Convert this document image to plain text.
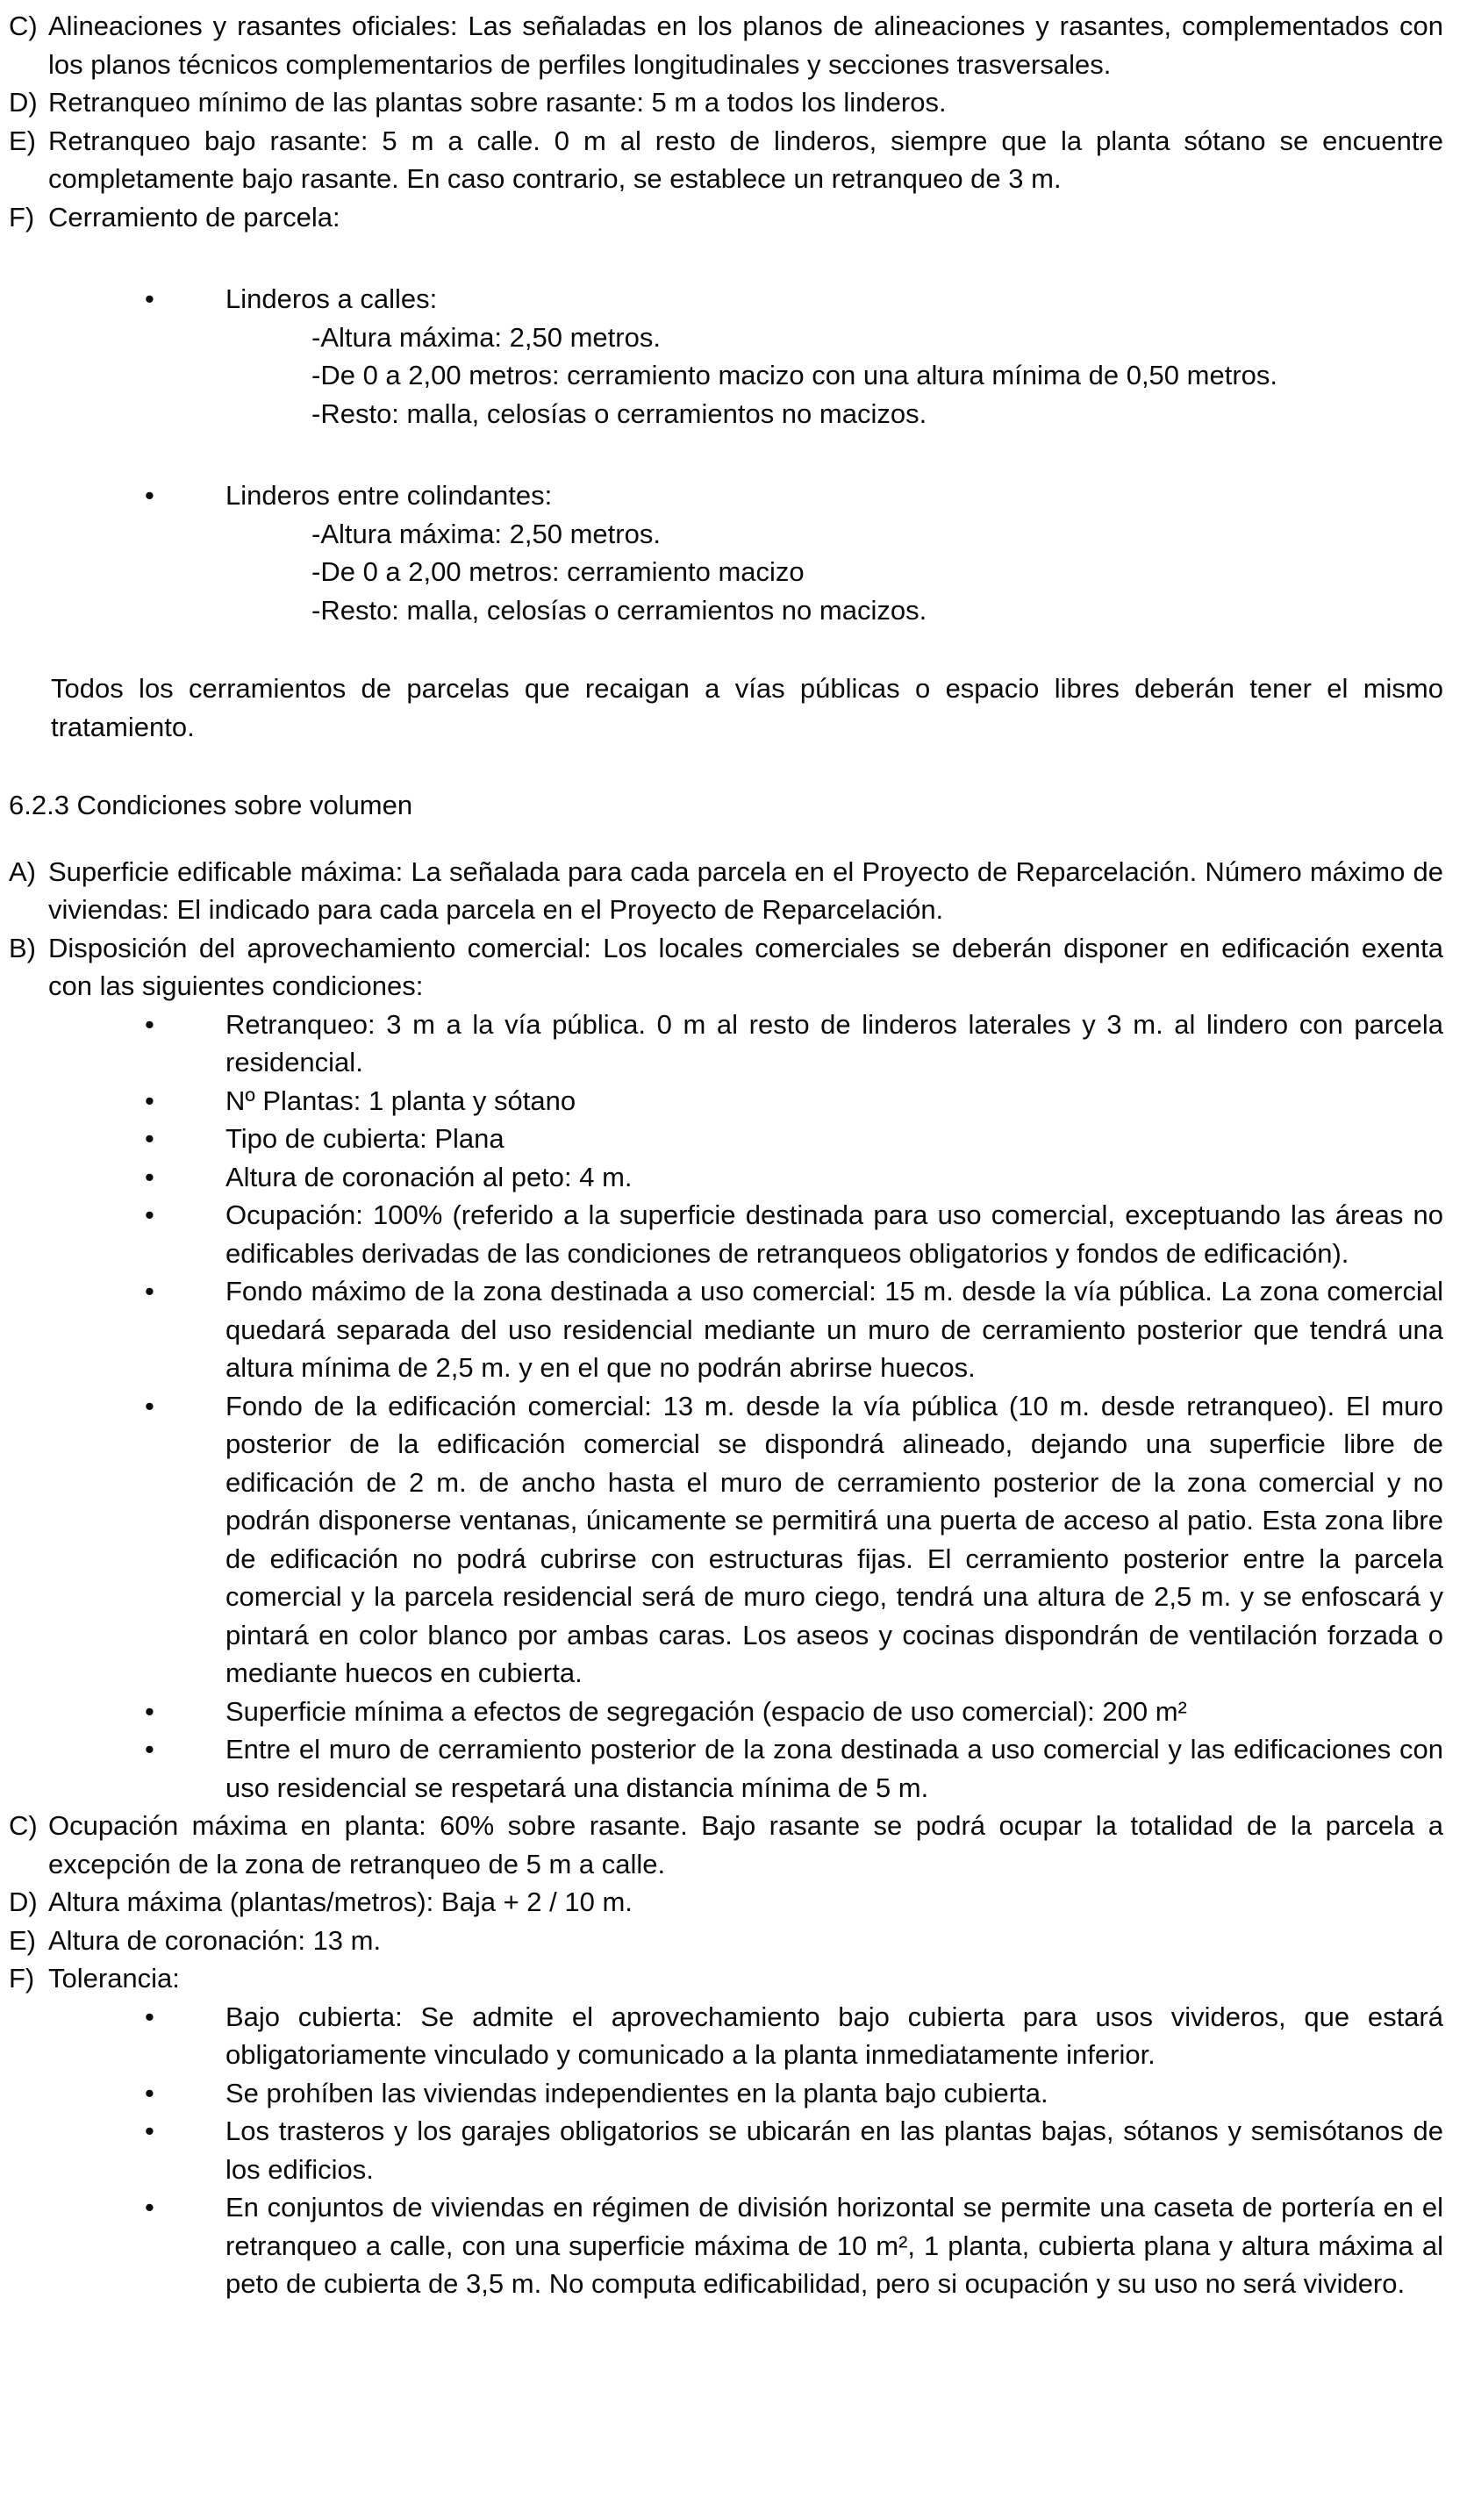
C) Alineaciones y rasantes oficiales: Las señaladas en los planos de alineaciones y rasantes, complementados con los planos técnicos complementarios de perfiles longitudinales y secciones trasversales.
D) Retranqueo mínimo de las plantas sobre rasante: 5 m a todos los linderos.
E) Retranqueo bajo rasante: 5 m a calle. 0 m al resto de linderos, siempre que la planta sótano se encuentre completamente bajo rasante. En caso contrario, se establece un retranqueo de 3 m.
F) Cerramiento de parcela:
•	Linderos a calles:
-Altura máxima: 2,50 metros.
-De 0 a 2,00 metros: cerramiento macizo con una altura mínima de 0,50 metros.
-Resto: malla, celosías o cerramientos no macizos.
•	Linderos entre colindantes:
-Altura máxima: 2,50 metros.
-De 0 a 2,00 metros: cerramiento macizo
-Resto: malla, celosías o cerramientos no macizos.
Todos los cerramientos de parcelas que recaigan a vías públicas o espacio libres deberán tener el mismo tratamiento.
6.2.3 Condiciones sobre volumen
A) Superficie edificable máxima: La señalada para cada parcela en el Proyecto de Reparcelación. Número máximo de viviendas: El indicado para cada parcela en el Proyecto de Reparcelación.
B) Disposición del aprovechamiento comercial: Los locales comerciales se deberán disponer en edificación exenta con las siguientes condiciones:
•	Retranqueo: 3 m a la vía pública. 0 m al resto de linderos laterales y 3 m. al lindero con parcela residencial.
•	Nº Plantas: 1 planta y sótano
•	Tipo de cubierta: Plana
•	Altura de coronación al peto: 4 m.
•	Ocupación: 100% (referido a la superficie destinada para uso comercial, exceptuando las áreas no edificables derivadas de las condiciones de retranqueos obligatorios y fondos de edificación).
•	Fondo máximo de la zona destinada a uso comercial: 15 m. desde la vía pública. La zona comercial quedará separada del uso residencial mediante un muro de cerramiento posterior que tendrá una altura mínima de 2,5 m. y en el que no podrán abrirse huecos.
•	Fondo de la edificación comercial: 13 m. desde la vía pública (10 m. desde retranqueo). El muro posterior de la edificación comercial se dispondrá alineado, dejando una superficie libre de edificación de 2 m. de ancho hasta el muro de cerramiento posterior de la zona comercial y no podrán disponerse ventanas, únicamente se permitirá una puerta de acceso al patio. Esta zona libre de edificación no podrá cubrirse con estructuras fijas. El cerramiento posterior entre la parcela comercial y la parcela residencial será de muro ciego, tendrá una altura de 2,5 m. y se enfoscará y pintará en color blanco por ambas caras. Los aseos y cocinas dispondrán de ventilación forzada o mediante huecos en cubierta.
•	Superficie mínima a efectos de segregación (espacio de uso comercial): 200 m²
•	Entre el muro de cerramiento posterior de la zona destinada a uso comercial y las edificaciones con uso residencial se respetará una distancia mínima de 5 m.
C) Ocupación máxima en planta: 60% sobre rasante. Bajo rasante se podrá ocupar la totalidad de la parcela a excepción de la zona de retranqueo de 5 m a calle.
D) Altura máxima (plantas/metros): Baja + 2 / 10 m.
E) Altura de coronación: 13 m.
F) Tolerancia:
•	Bajo cubierta: Se admite el aprovechamiento bajo cubierta para usos vivideros, que estará obligatoriamente vinculado y comunicado a la planta inmediatamente inferior.
•	Se prohíben las viviendas independientes en la planta bajo cubierta.
•	Los trasteros y los garajes obligatorios se ubicarán en las plantas bajas, sótanos y semisótanos de los edificios.
•	En conjuntos de viviendas en régimen de división horizontal se permite una caseta de portería en el retranqueo a calle, con una superficie máxima de 10 m², 1 planta, cubierta plana y altura máxima al peto de cubierta de 3,5 m. No computa edificabilidad, pero si ocupación y su uso no será vividero.
